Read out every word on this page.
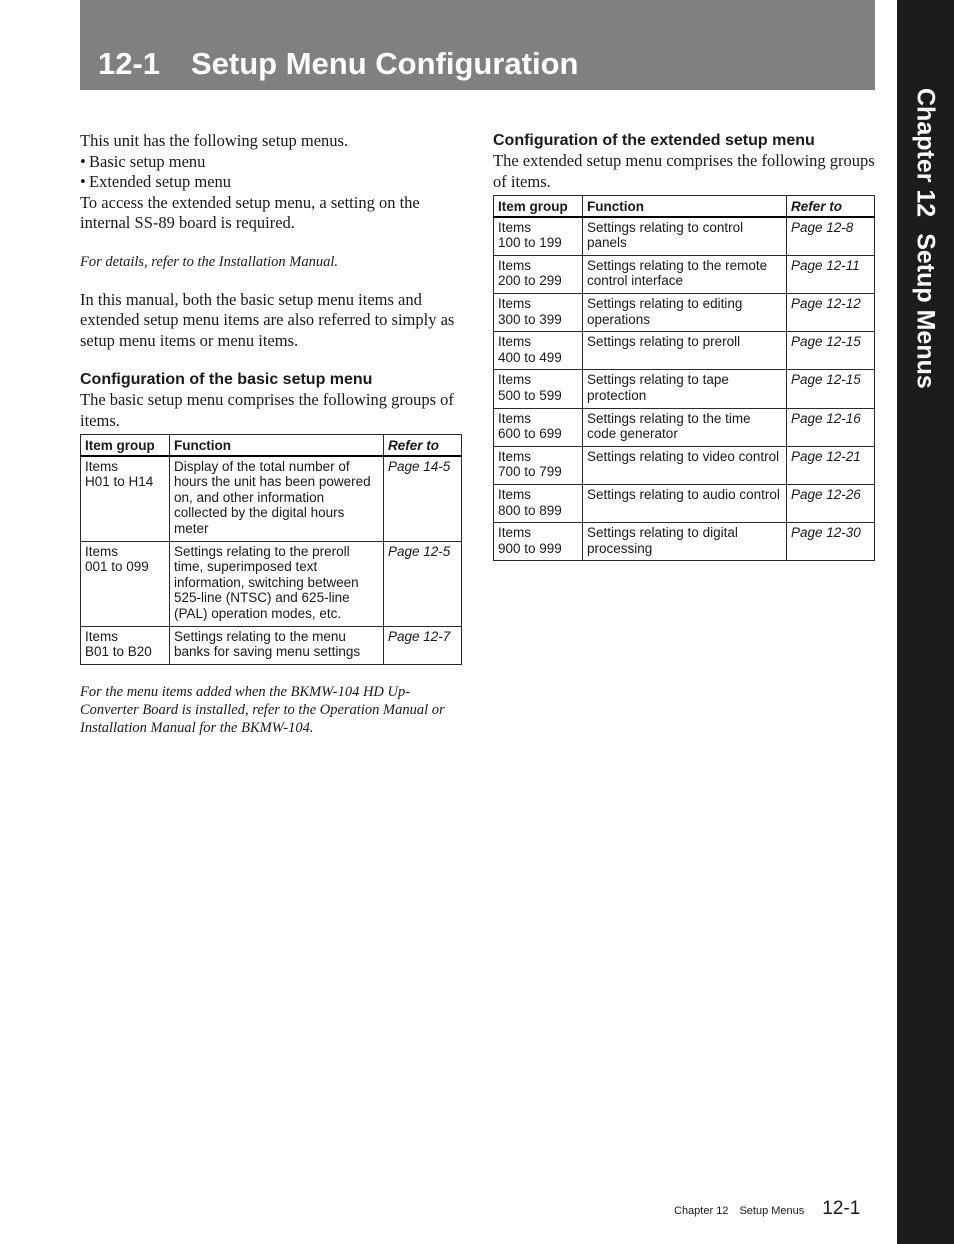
12-1 Setup Menu Configuration
Chapter 12Setup Menus

This unit has the following setup menus.

• Basic setup menu

• Extended setup menu

To access the extended setup menu, a setting on the internal SS-89 board is required.

For details, refer to the Installation Manual.

In this manual, both the basic setup menu items and extended setup menu items are also referred to simply as setup menu items or menu items.

Configuration of the basic setup menu

The basic setup menu comprises the following groups of items.

Item group	Function	Refer to

Items
H01 to H14	Display of the total number of hours the unit has been powered on, and other information collected by the digital hours meter	Page 14-5

Items
001 to 099	Settings relating to the preroll time, superimposed text information, switching between 525-line (NTSC) and 625-line (PAL) operation modes, etc.	Page 12-5

Items
B01 to B20	Settings relating to the menu banks for saving menu settings	Page 12-7

For the menu items added when the BKMW-104 HD Up-Converter Board is installed, refer to the Operation Manual or Installation Manual for the BKMW-104.

Configuration of the extended setup menu

The extended setup menu comprises the following groups of items.

Item group	Function	Refer to

Items
100 to 199	Settings relating to control panels	Page 12-8

Items
200 to 299	Settings relating to the remote control interface	Page 12-11

Items
300 to 399	Settings relating to editing operations	Page 12-12

Items
400 to 499	Settings relating to preroll	Page 12-15

Items
500 to 599	Settings relating to tape protection	Page 12-15

Items
600 to 699	Settings relating to the time code generator	Page 12-16

Items
700 to 799	Settings relating to video control	Page 12-21

Items
800 to 899	Settings relating to audio control	Page 12-26

Items
900 to 999	Settings relating to digital processing	Page 12-30
Chapter 12 Setup Menus 12-1
